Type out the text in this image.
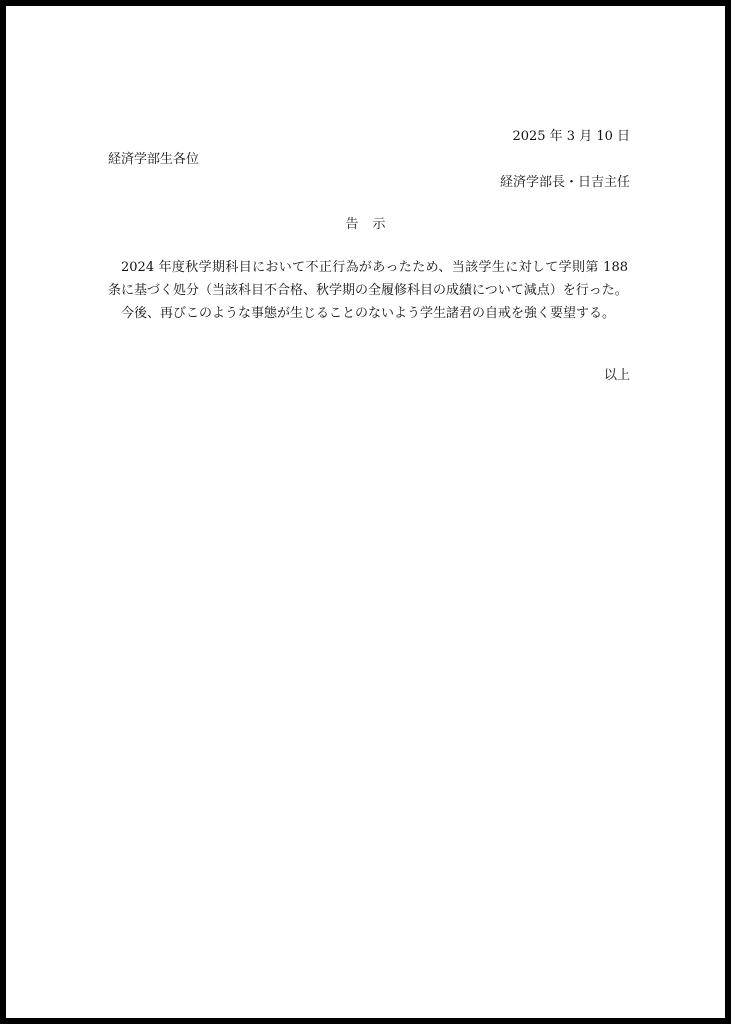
2025 年 3 月 10 日
経済学部生各位
経済学部長・日吉主任
告示

2024 年度秋学期科目において不正行為があったため、当該学生に対して学則第 188 条に基づく処分（当該科目不合格、秋学期の全履修科目の成績について減点）を行った。

今後、再びこのような事態が生じることのないよう学生諸君の自戒を強く要望する。

以上
